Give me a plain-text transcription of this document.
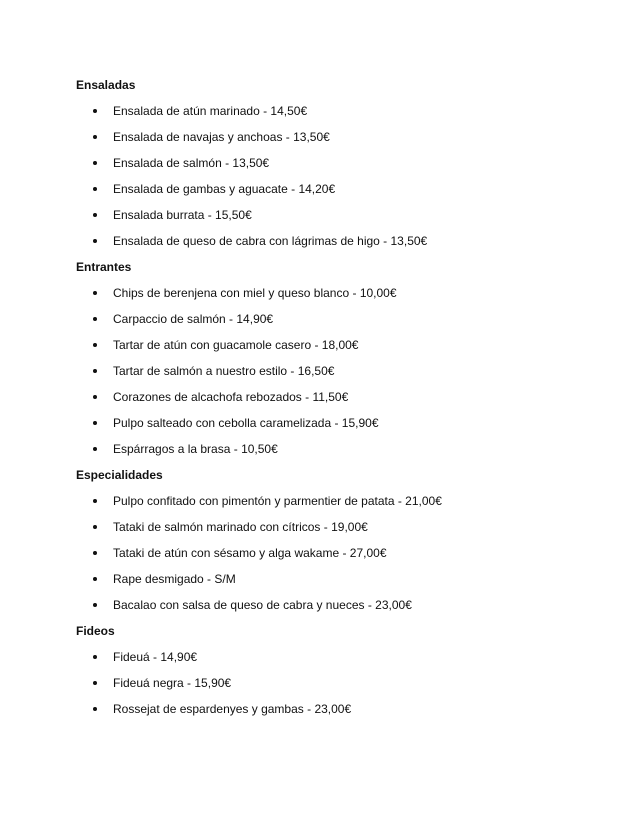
Ensaladas
Ensalada de atún marinado - 14,50€
Ensalada de navajas y anchoas - 13,50€
Ensalada de salmón - 13,50€
Ensalada de gambas y aguacate - 14,20€
Ensalada burrata - 15,50€
Ensalada de queso de cabra con lágrimas de higo - 13,50€
Entrantes
Chips de berenjena con miel y queso blanco - 10,00€
Carpaccio de salmón - 14,90€
Tartar de atún con guacamole casero - 18,00€
Tartar de salmón a nuestro estilo - 16,50€
Corazones de alcachofa rebozados - 11,50€
Pulpo salteado con cebolla caramelizada - 15,90€
Espárragos a la brasa - 10,50€
Especialidades
Pulpo confitado con pimentón y parmentier de patata - 21,00€
Tataki de salmón marinado con cítricos - 19,00€
Tataki de atún con sésamo y alga wakame - 27,00€
Rape desmigado - S/M
Bacalao con salsa de queso de cabra y nueces - 23,00€
Fideos
Fideuá - 14,90€
Fideuá negra - 15,90€
Rossejat de espardenyes y gambas - 23,00€
